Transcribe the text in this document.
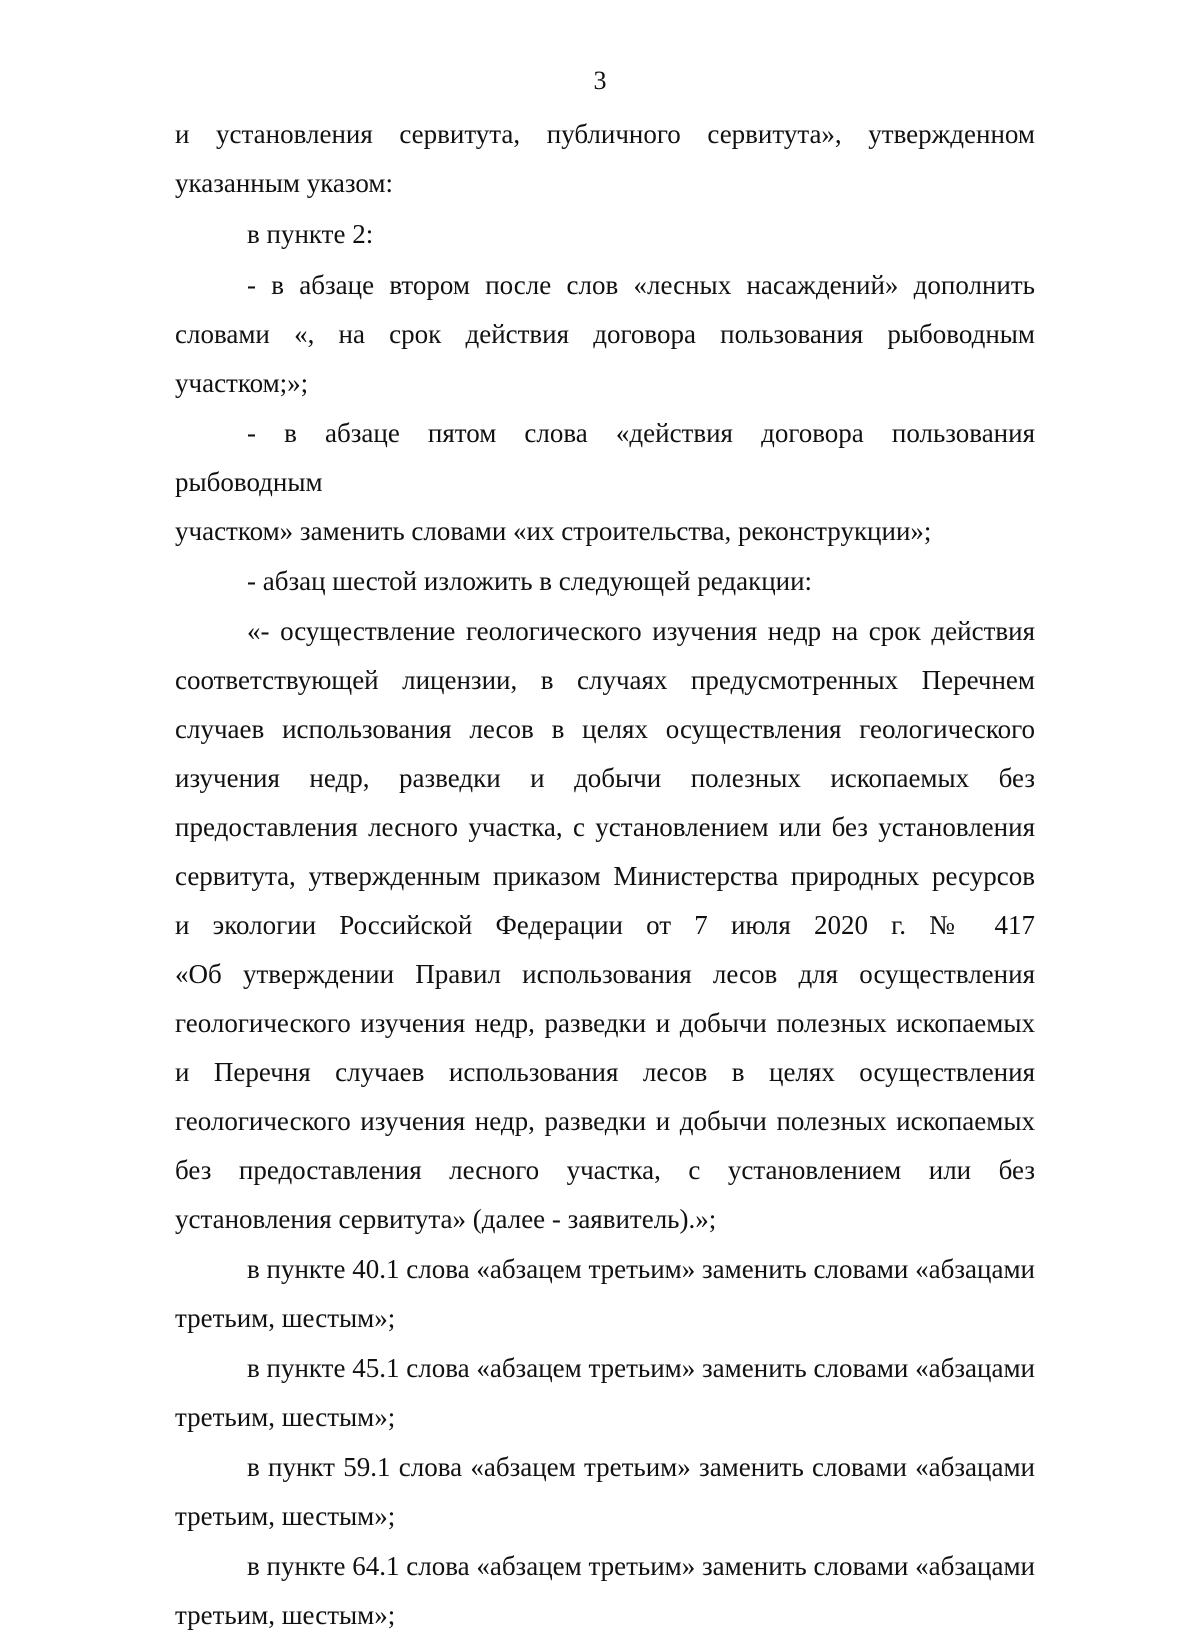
3
и установления сервитута, публичного сервитута», утвержденном
указанным указом:
в пункте 2:
- в абзаце втором после слов «лесных насаждений» дополнить
словами «, на срок действия договора пользования рыбоводным
участком;»;
- в абзаце пятом слова «действия договора пользования рыбоводным
участком» заменить словами «их строительства, реконструкции»;
- абзац шестой изложить в следующей редакции:
«- осуществление геологического изучения недр на срок действия
соответствующей лицензии, в случаях предусмотренных Перечнем
случаев использования лесов в целях осуществления геологического
изучения недр, разведки и добычи полезных ископаемых без
предоставления лесного участка, с установлением или без установления
сервитута, утвержденным приказом Министерства природных ресурсов
и экологии Российской Федерации от 7 июля 2020 г. № 417
«Об утверждении Правил использования лесов для осуществления
геологического изучения недр, разведки и добычи полезных ископаемых
и Перечня случаев использования лесов в целях осуществления
геологического изучения недр, разведки и добычи полезных ископаемых
без предоставления лесного участка, с установлением или без
установления сервитута» (далее - заявитель).»;
в пункте 40.1 слова «абзацем третьим» заменить словами «абзацами
третьим, шестым»;
в пункте 45.1 слова «абзацем третьим» заменить словами «абзацами
третьим, шестым»;
в пункт 59.1 слова «абзацем третьим» заменить словами «абзацами
третьим, шестым»;
в пункте 64.1 слова «абзацем третьим» заменить словами «абзацами
третьим, шестым»;
